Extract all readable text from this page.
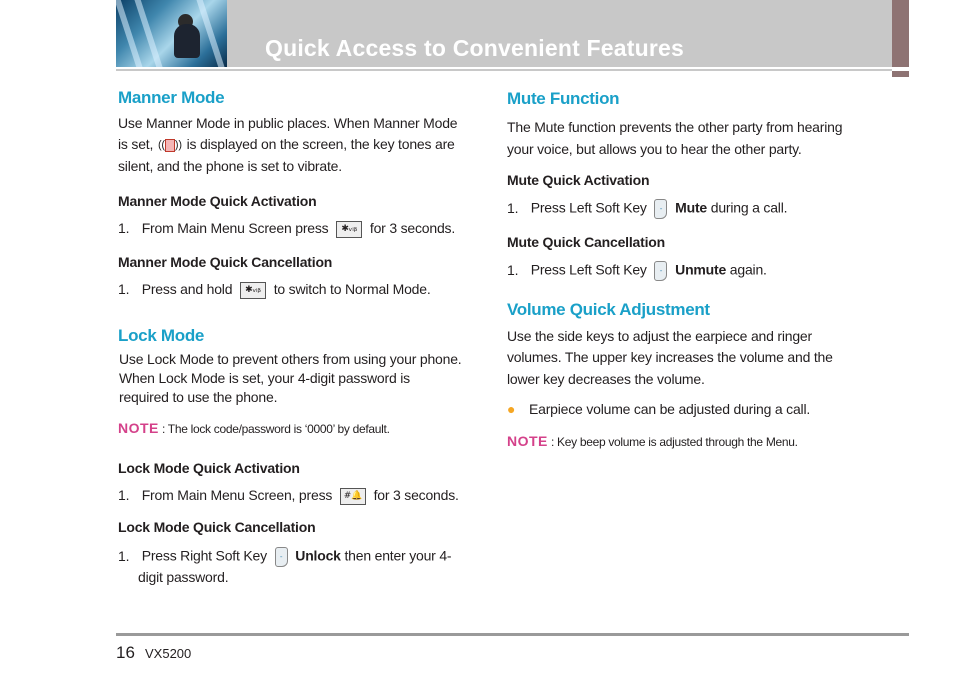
Quick Access to Convenient Features
Manner Mode

Use Manner Mode in public places. When Manner Mode

is set, (( )) is displayed on the screen, the key tones are

silent, and the phone is set to vibrate.

Manner Mode Quick Activation
1. From Main Menu Screen press ✱ᵥᵢᵦ for 3 seconds.
Manner Mode Quick Cancellation
1. Press and hold ✱ᵥᵢᵦ to switch to Normal Mode.
Lock Mode

Use Lock Mode to prevent others from using your phone.

When Lock Mode is set, your 4-digit password is

required to use the phone.

NOTE : The lock code/password is ‘0000’ by default.
Lock Mode Quick Activation
1. From Main Menu Screen, press #🔔 for 3 seconds.
Lock Mode Quick Cancellation
1. Press Right Soft Key - Unlock then enter your 4-
digit password.
Mute Function

The Mute function prevents the other party from hearing

your voice, but allows you to hear the other party.

Mute Quick Activation
1. Press Left Soft Key - Mute during a call.
Mute Quick Cancellation
1. Press Left Soft Key - Unmute again.
Volume Quick Adjustment

Use the side keys to adjust the earpiece and ringer

volumes. The upper key increases the volume and the

lower key decreases the volume.

● Earpiece volume can be adjusted during a call.
NOTE : Key beep volume is adjusted through the Menu.
16 VX5200
